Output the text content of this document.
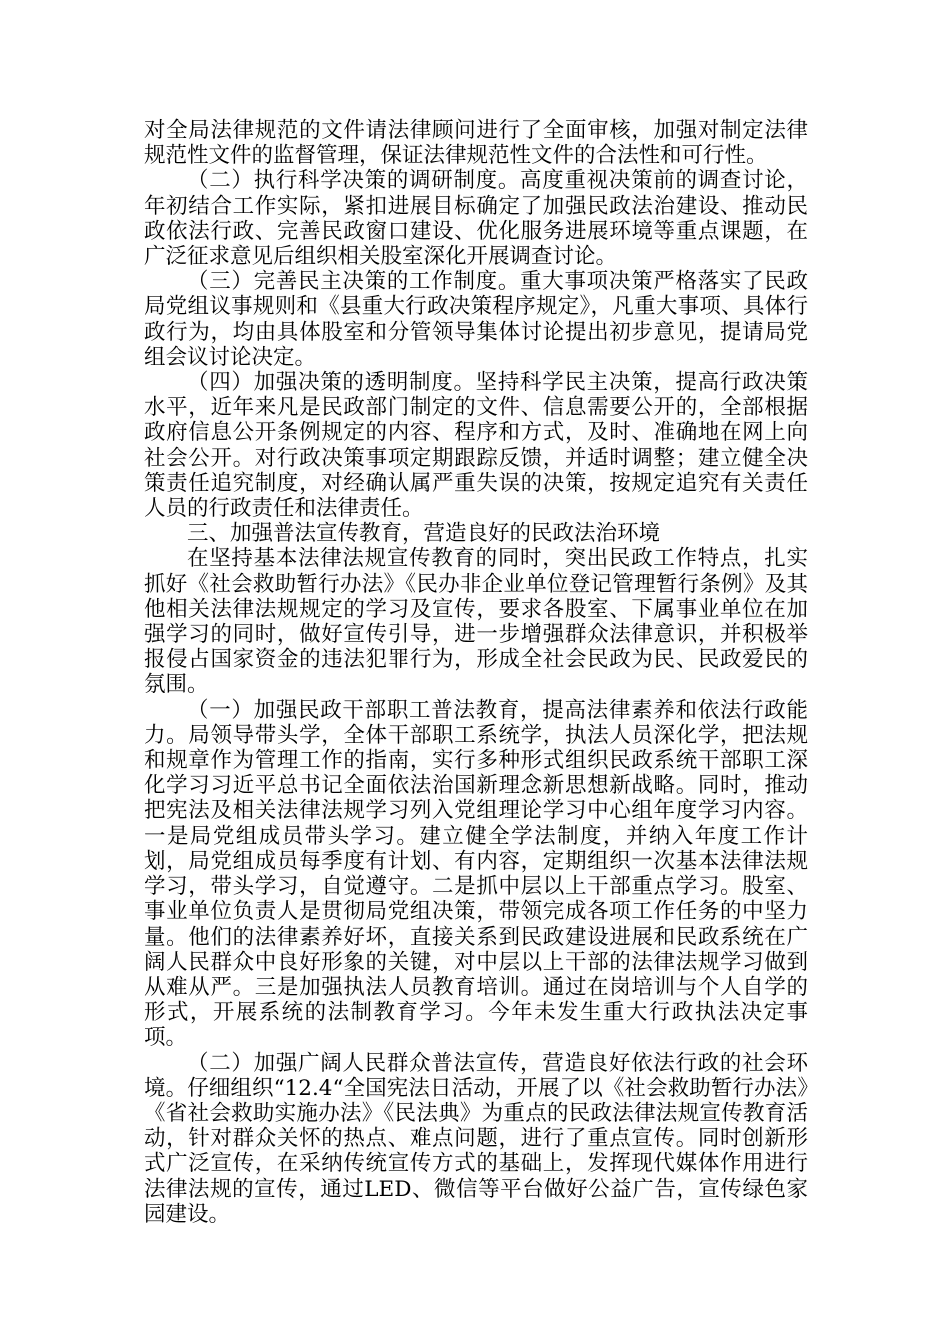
对全局法律规范的文件请法律顾问进行了全面审核，加强对制定法律规范性文件的监督管理，保证法律规范性文件的合法性和可行性。

（二）执行科学决策的调研制度。高度重视决策前的调查讨论，年初结合工作实际，紧扣进展目标确定了加强民政法治建设、推动民政依法行政、完善民政窗口建设、优化服务进展环境等重点课题，在广泛征求意见后组织相关股室深化开展调查讨论。

（三）完善民主决策的工作制度。重大事项决策严格落实了民政局党组议事规则和《县重大行政决策程序规定》，凡重大事项、具体行政行为，均由具体股室和分管领导集体讨论提出初步意见，提请局党组会议讨论决定。

（四）加强决策的透明制度。坚持科学民主决策，提高行政决策水平，近年来凡是民政部门制定的文件、信息需要公开的，全部根据政府信息公开条例规定的内容、程序和方式，及时、准确地在网上向社会公开。对行政决策事项定期跟踪反馈，并适时调整；建立健全决策责任追究制度，对经确认属严重失误的决策，按规定追究有关责任人员的行政责任和法律责任。

三、加强普法宣传教育，营造良好的民政法治环境

在坚持基本法律法规宣传教育的同时，突出民政工作特点，扎实抓好《社会救助暂行办法》《民办非企业单位登记管理暂行条例》及其他相关法律法规规定的学习及宣传，要求各股室、下属事业单位在加强学习的同时，做好宣传引导，进一步增强群众法律意识，并积极举报侵占国家资金的违法犯罪行为，形成全社会民政为民、民政爱民的氛围。

（一）加强民政干部职工普法教育，提高法律素养和依法行政能力。局领导带头学，全体干部职工系统学，执法人员深化学，把法规和规章作为管理工作的指南，实行多种形式组织民政系统干部职工深化学习习近平总书记全面依法治国新理念新思想新战略。同时，推动把宪法及相关法律法规学习列入党组理论学习中心组年度学习内容。一是局党组成员带头学习。建立健全学法制度，并纳入年度工作计划，局党组成员每季度有计划、有内容，定期组织一次基本法律法规学习，带头学习，自觉遵守。二是抓中层以上干部重点学习。股室、事业单位负责人是贯彻局党组决策，带领完成各项工作任务的中坚力量。他们的法律素养好坏，直接关系到民政建设进展和民政系统在广阔人民群众中良好形象的关键，对中层以上干部的法律法规学习做到从难从严。三是加强执法人员教育培训。通过在岗培训与个人自学的形式，开展系统的法制教育学习。今年未发生重大行政执法决定事项。

（二）加强广阔人民群众普法宣传，营造良好依法行政的社会环境。仔细组织“12.4“全国宪法日活动，开展了以《社会救助暂行办法》《省社会救助实施办法》《民法典》为重点的民政法律法规宣传教育活动，针对群众关怀的热点、难点问题，进行了重点宣传。同时创新形式广泛宣传，在采纳传统宣传方式的基础上，发挥现代媒体作用进行法律法规的宣传，通过LED、微信等平台做好公益广告，宣传绿色家园建设。
